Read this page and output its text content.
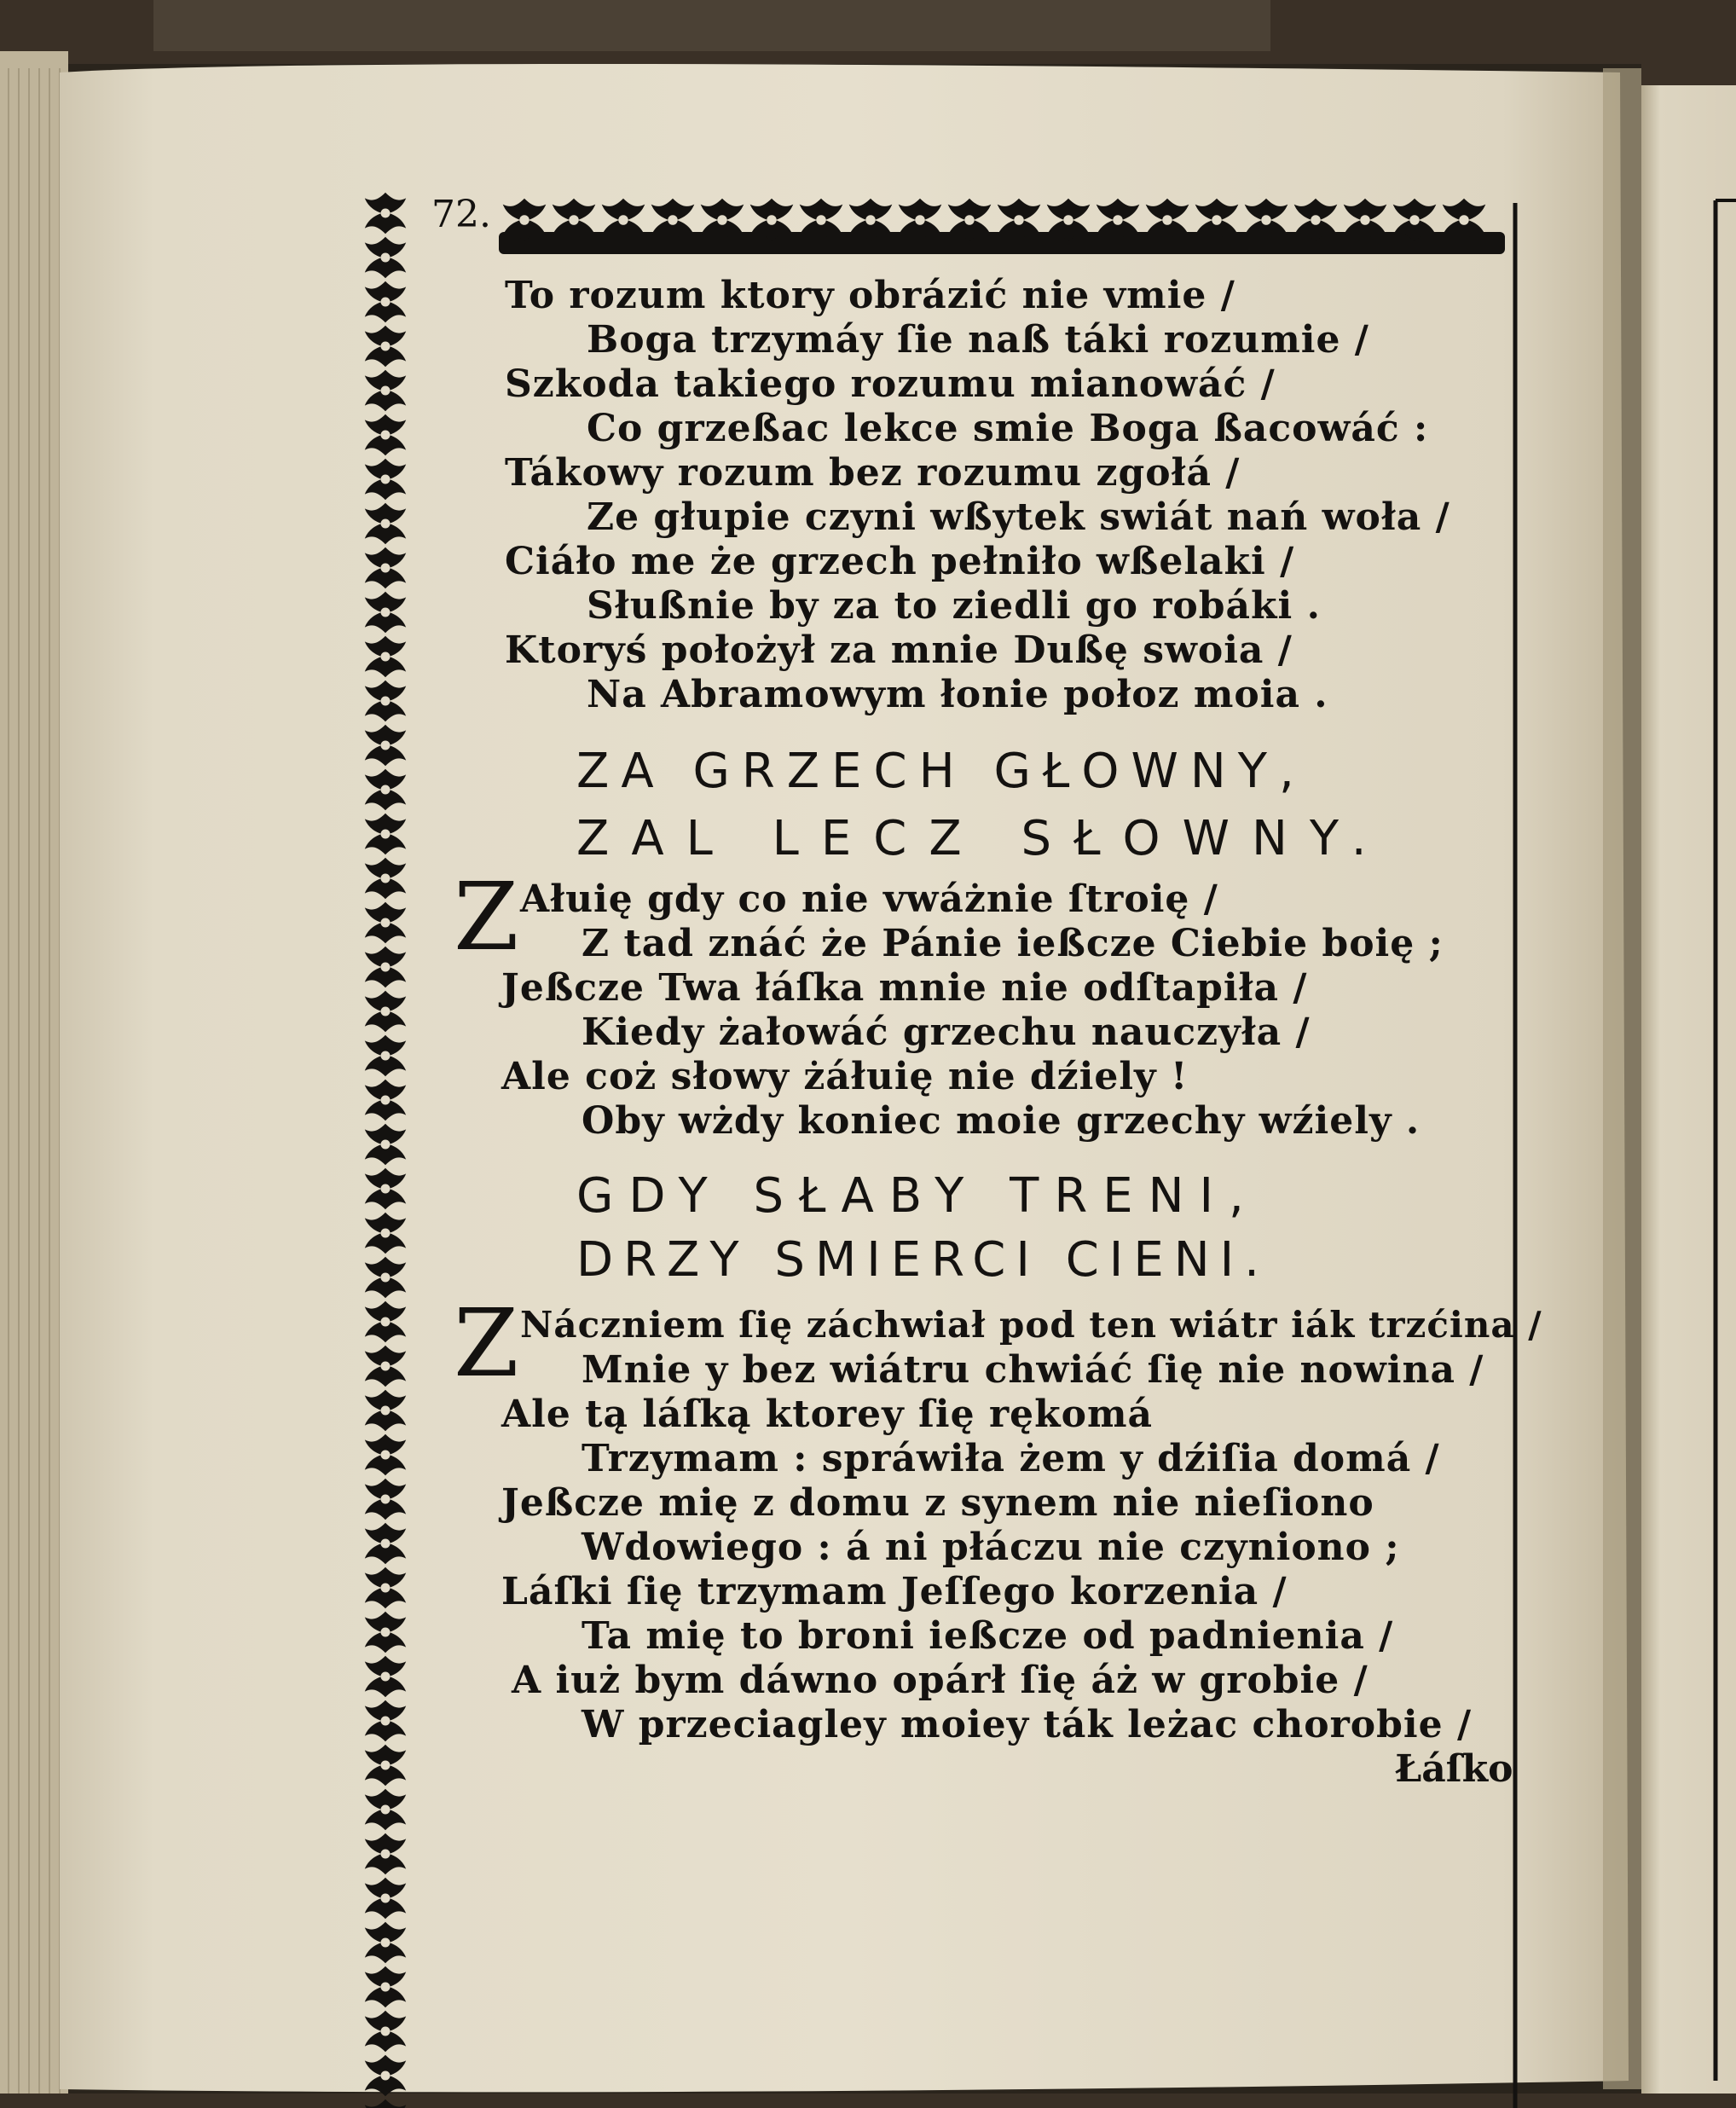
72.
To rozum ktory obrázić nie vmie /
Boga trzymáy ſie naß táki rozumie /
Szkoda takiego rozumu mianowáć /
Co grzeßac lekce smie Boga ßacowáć :
Tákowy rozum bez rozumu zgołá /
Ze głupie czyni wßytek swiát nań woła /
Ciáło me że grzech pełniło wßelaki /
Słußnie by za to ziedli go robáki .
Ktoryś położył za mnie Dußę swoia /
Na Abramowym łonie połoz moia .
ZA GRZECH GŁOWNY,
ZAL LECZ SŁOWNY.
Z Ałuię gdy co nie vwáżnie ſtroię /
Z tad znáć że Pánie ießcze Ciebie boię ;
Jeßcze Twa łáſka mnie nie odſtapiła /
Kiedy żałowáć grzechu nauczyła /
Ale coż słowy żáłuię nie dźiely !
Oby wżdy koniec moie grzechy wźiely .
GDY SŁABY TRENI,
DRZY SMIERCI CIENI.
Z Náczniem ſię záchwiał pod ten wiátr iák trzćina /
Mnie y bez wiátru chwiáć ſię nie nowina /
Ale tą láſką ktorey ſię rękomá
Trzymam : spráwiła żem y dźiſia domá /
Jeßcze mię z domu z synem nie nieſiono
Wdowiego : á ni płáczu nie czyniono ;
Láſki ſię trzymam Jeſſego korzenia /
Ta mię to broni ießcze od padnienia /
A iuż bym dáwno opárł ſię áż w grobie /
W przeciagley moiey ták leżac chorobie /
Łáſko
